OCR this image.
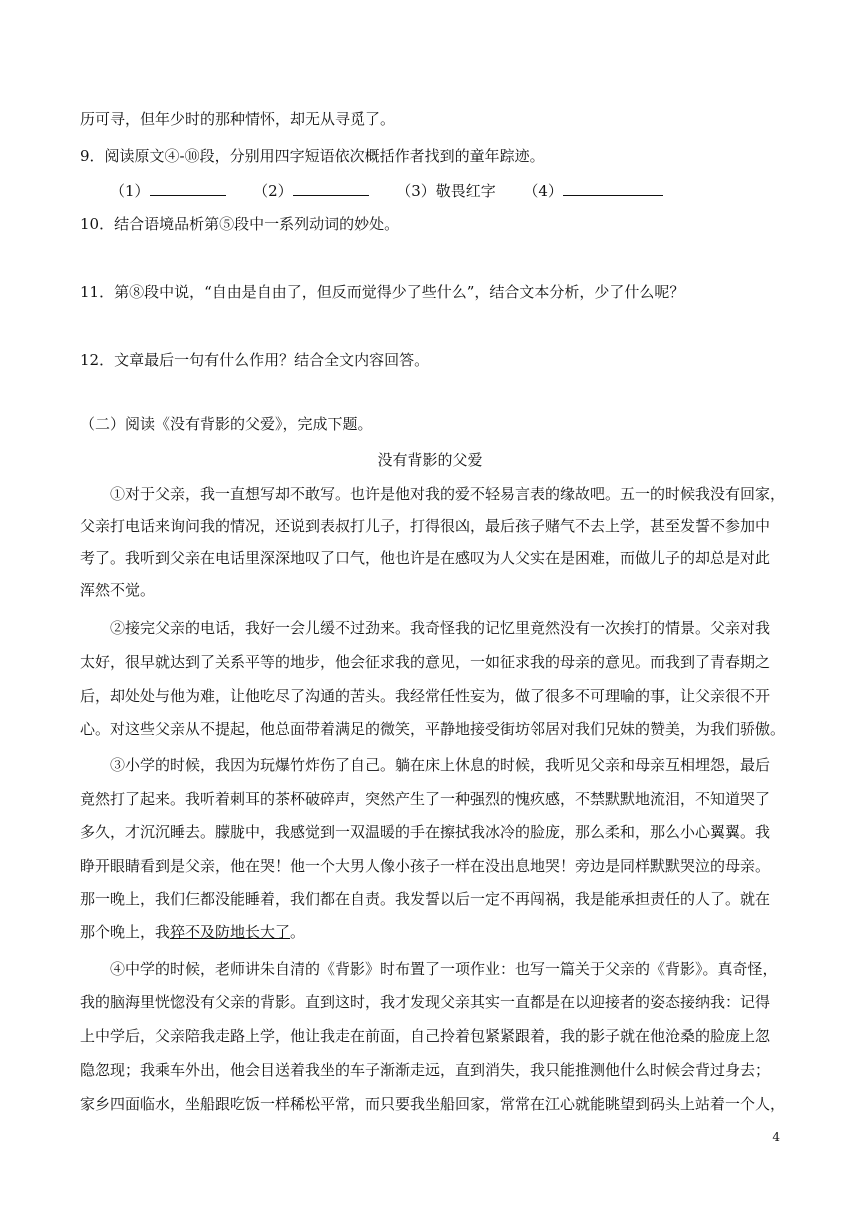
历可寻，但年少时的那种情怀，却无从寻觅了。
9．阅读原文④-⑩段，分别用四字短语依次概括作者找到的童年踪迹。
（1）	（2）	（3）敬畏红字 （4）
10．结合语境品析第⑤段中一系列动词的妙处。
11．第⑧段中说，“自由是自由了，但反而觉得少了些什么”，结合文本分析，少了什么呢？
12．文章最后一句有什么作用？结合全文内容回答。
（二）阅读《没有背影的父爱》，完成下题。
没有背影的父爱
①对于父亲，我一直想写却不敢写。也许是他对我的爱不轻易言表的缘故吧。五一的时候我没有回家，
父亲打电话来询问我的情况，还说到表叔打儿子，打得很凶，最后孩子赌气不去上学，甚至发誓不参加中
考了。我听到父亲在电话里深深地叹了口气，他也许是在感叹为人父实在是困难，而做儿子的却总是对此
浑然不觉。
②接完父亲的电话，我好一会儿缓不过劲来。我奇怪我的记忆里竟然没有一次挨打的情景。父亲对我
太好，很早就达到了关系平等的地步，他会征求我的意见，一如征求我的母亲的意见。而我到了青春期之
后，却处处与他为难，让他吃尽了沟通的苦头。我经常任性妄为，做了很多不可理喻的事，让父亲很不开
心。对这些父亲从不提起，他总面带着满足的微笑，平静地接受街坊邻居对我们兄妹的赞美，为我们骄傲。
③小学的时候，我因为玩爆竹炸伤了自己。躺在床上休息的时候，我听见父亲和母亲互相埋怨，最后
竟然打了起来。我听着刺耳的茶杯破碎声，突然产生了一种强烈的愧疚感，不禁默默地流泪，不知道哭了
多久，才沉沉睡去。朦胧中，我感觉到一双温暖的手在擦拭我冰冷的脸庞，那么柔和，那么小心翼翼。我
睁开眼睛看到是父亲，他在哭！他一个大男人像小孩子一样在没出息地哭！旁边是同样默默哭泣的母亲。
那一晚上，我们仨都没能睡着，我们都在自责。我发誓以后一定不再闯祸，我是能承担责任的人了。就在
那个晚上，我猝不及防地长大了。
④中学的时候，老师讲朱自清的《背影》时布置了一项作业：也写一篇关于父亲的《背影》。真奇怪，
我的脑海里恍惚没有父亲的背影。直到这时，我才发现父亲其实一直都是在以迎接者的姿态接纳我：记得
上中学后，父亲陪我走路上学，他让我走在前面，自己拎着包紧紧跟着，我的影子就在他沧桑的脸庞上忽
隐忽现；我乘车外出，他会目送着我坐的车子渐渐走远，直到消失，我只能推测他什么时候会背过身去；
家乡四面临水，坐船跟吃饭一样稀松平常，而只要我坐船回家，常常在江心就能眺望到码头上站着一个人，
4
